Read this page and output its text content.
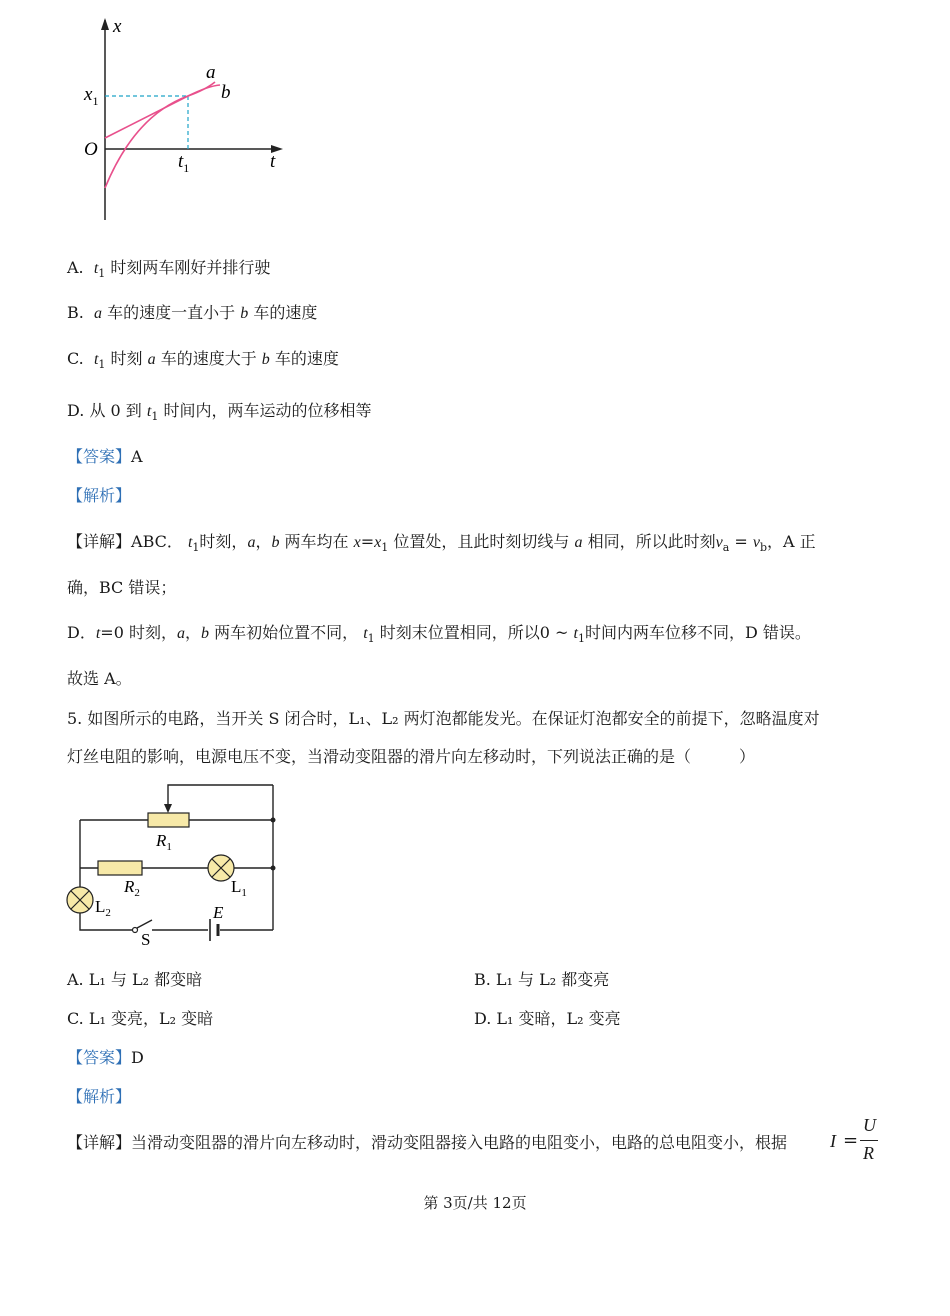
x
t
O
$x_1$
$t_1$
a
b
A. $t_1$ 时刻两车刚好并排行驶
B. a 车的速度一直小于 b 车的速度
C. $t_1$ 时刻 a 车的速度大于 b 车的速度
D. 从 0 到 $t_1$ 时间内，两车运动的位移相等
【答案】A
【解析】
【详解】ABC． $t_1$时刻，a，b 两车均在 $x=x_1$ 位置处，且此时刻切线与 a 相同，所以此时刻$v_a = v_b$，A 正
确，BC 错误；
D．t=0 时刻，a，b 两车初始位置不同， $t_1$ 时刻末位置相同，所以0 ~ $t_1$时间内两车位移不同，D 错误。
故选 A。
5. 如图所示的电路，当开关 S 闭合时，L₁、L₂ 两灯泡都能发光。在保证灯泡都安全的前提下，忽略温度对
灯丝电阻的影响，电源电压不变，当滑动变阻器的滑片向左移动时，下列说法正确的是（　　　）
$R_1$
$R_2$	$L_1$
$L_2$	E
S
A. L₁ 与 L₂ 都变暗	B. L₁ 与 L₂ 都变亮
C. L₁ 变亮，L₂ 变暗	D. L₁ 变暗，L₂ 变亮
【答案】D
【解析】
【详解】当滑动变阻器的滑片向左移动时，滑动变阻器接入电路的电阻变小，电路的总电阻变小，根据 I =
U
R
第 3页/共 12页
